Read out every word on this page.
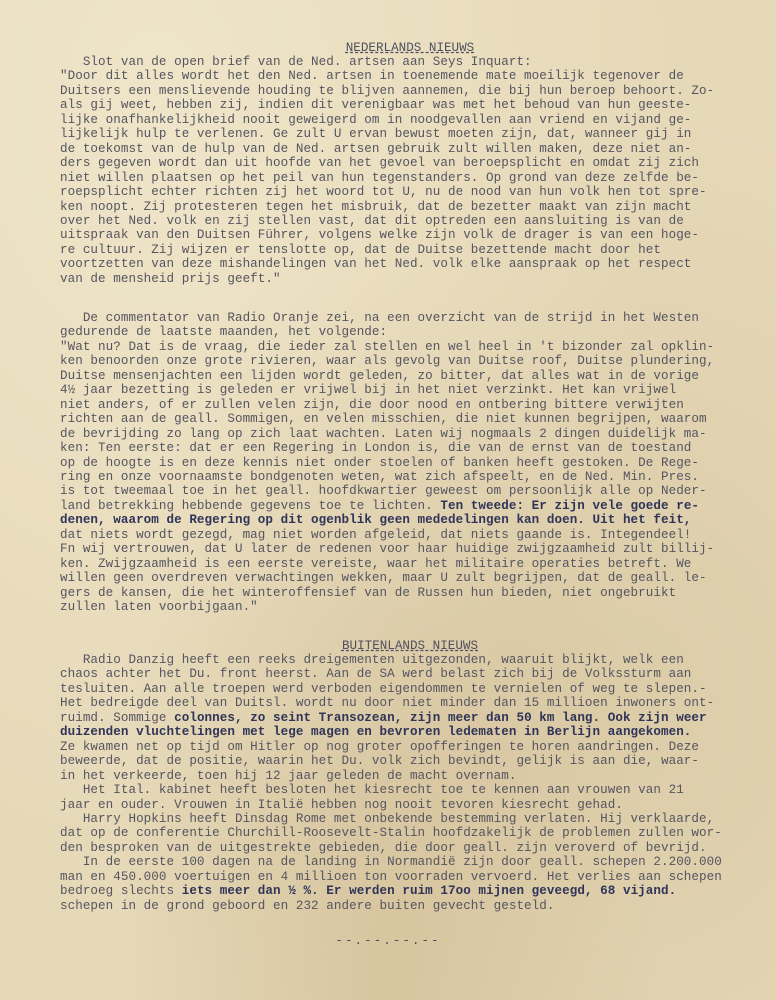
NEDERLANDS NIEUWS
Slot van de open brief van de Ned. artsen aan Seys Inquart:
"Door dit alles wordt het den Ned. artsen in toenemende mate moeilijk tegenover de
Duitsers een menslievende houding te blijven aannemen, die bij hun beroep behoort. Zo-
als gij weet, hebben zij, indien dit verenigbaar was met het behoud van hun geeste-
lijke onafhankelijkheid nooit geweigerd om in noodgevallen aan vriend en vijand ge-
lijkelijk hulp te verlenen. Ge zult U ervan bewust moeten zijn, dat, wanneer gij in
de toekomst van de hulp van de Ned. artsen gebruik zult willen maken, deze niet an-
ders gegeven wordt dan uit hoofde van het gevoel van beroepsplicht en omdat zij zich
niet willen plaatsen op het peil van hun tegenstanders. Op grond van deze zelfde be-
roepsplicht echter richten zij het woord tot U, nu de nood van hun volk hen tot spre-
ken noopt. Zij protesteren tegen het misbruik, dat de bezetter maakt van zijn macht
over het Ned. volk en zij stellen vast, dat dit optreden een aansluiting is van de
uitspraak van den Duitsen Führer, volgens welke zijn volk de drager is van een hoge-
re cultuur. Zij wijzen er tenslotte op, dat de Duitse bezettende macht door het
voortzetten van deze mishandelingen van het Ned. volk elke aanspraak op het respect
van de mensheid prijs geeft."
De commentator van Radio Oranje zei, na een overzicht van de strijd in het Westen
gedurende de laatste maanden, het volgende:
"Wat nu? Dat is de vraag, die ieder zal stellen en wel heel in 't bizonder zal opklin-
ken benoorden onze grote rivieren, waar als gevolg van Duitse roof, Duitse plundering,
Duitse mensenjachten een lijden wordt geleden, zo bitter, dat alles wat in de vorige
4½ jaar bezetting is geleden er vrijwel bij in het niet verzinkt. Het kan vrijwel
niet anders, of er zullen velen zijn, die door nood en ontbering bittere verwijten
richten aan de geall. Sommigen, en velen misschien, die niet kunnen begrijpen, waarom
de bevrijding zo lang op zich laat wachten. Laten wij nogmaals 2 dingen duidelijk ma-
ken: Ten eerste: dat er een Regering in London is, die van de ernst van de toestand
op de hoogte is en deze kennis niet onder stoelen of banken heeft gestoken. De Rege-
ring en onze voornaamste bondgenoten weten, wat zich afspeelt, en de Ned. Min. Pres.
is tot tweemaal toe in het geall. hoofdkwartier geweest om persoonlijk alle op Neder-
land betrekking hebbende gegevens toe te lichten. Ten tweede: Er zijn vele goede re-
denen, waarom de Regering op dit ogenblik geen mededelingen kan doen. Uit het feit,
dat niets wordt gezegd, mag niet worden afgeleid, dat niets gaande is. Integendeel!
Fn wij vertrouwen, dat U later de redenen voor haar huidige zwijgzaamheid zult billij-
ken. Zwijgzaamheid is een eerste vereiste, waar het militaire operaties betreft. We
willen geen overdreven verwachtingen wekken, maar U zult begrijpen, dat de geall. le-
gers de kansen, die het winteroffensief van de Russen hun bieden, niet ongebruikt
zullen laten voorbijgaan."
BUITENLANDS NIEUWS
Radio Danzig heeft een reeks dreigementen uitgezonden, waaruit blijkt, welk een
chaos achter het Du. front heerst. Aan de SA werd belast zich bij de Volkssturm aan
tesluiten. Aan alle troepen werd verboden eigendommen te vernielen of weg te slepen.-
Het bedreigde deel van Duitsl. wordt nu door niet minder dan 15 millioen inwoners ont-
ruimd. Sommige colonnes, zo seint Transozean, zijn meer dan 50 km lang. Ook zijn weer
duizenden vluchtelingen met lege magen en bevroren ledematen in Berlijn aangekomen.
Ze kwamen net op tijd om Hitler op nog groter opofferingen te horen aandringen. Deze
beweerde, dat de positie, waarin het Du. volk zich bevindt, gelijk is aan die, waar-
in het verkeerde, toen hij 12 jaar geleden de macht overnam.
Het Ital. kabinet heeft besloten het kiesrecht toe te kennen aan vrouwen van 21
jaar en ouder. Vrouwen in Italië hebben nog nooit tevoren kiesrecht gehad.
Harry Hopkins heeft Dinsdag Rome met onbekende bestemming verlaten. Hij verklaarde,
dat op de conferentie Churchill-Roosevelt-Stalin hoofdzakelijk de problemen zullen wor-
den besproken van de uitgestrekte gebieden, die door geall. zijn veroverd of bevrijd.
In de eerste 100 dagen na de landing in Normandië zijn door geall. schepen 2.200.000
man en 450.000 voertuigen en 4 millioen ton voorraden vervoerd. Het verlies aan schepen
bedroeg slechts iets meer dan ½ %. Er werden ruim 17oo mijnen geveegd, 68 vijand.
schepen in de grond geboord en 232 andere buiten gevecht gesteld.
--.--.--.--
